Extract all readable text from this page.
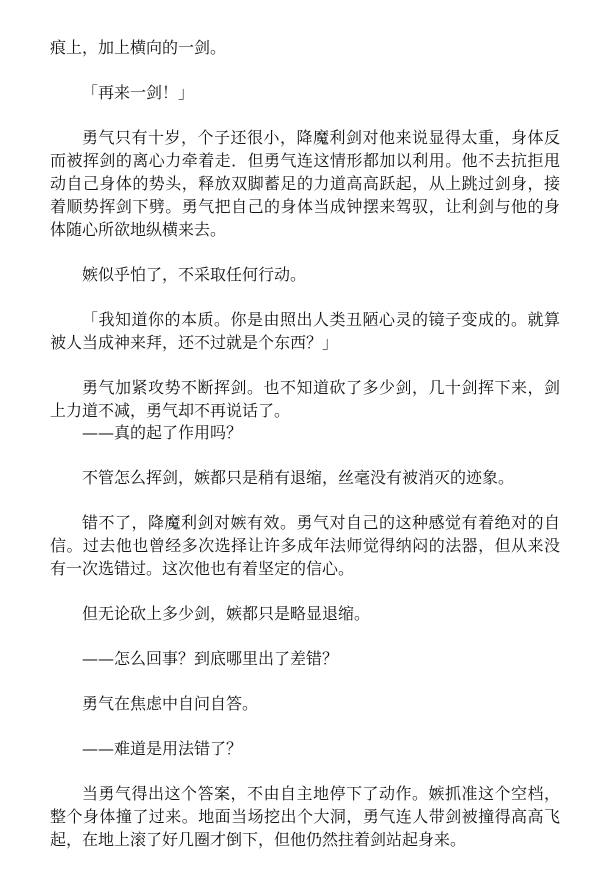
痕上，加上横向的一剑。

「再来一剑！」

勇气只有十岁，个子还很小，降魔利剑对他来说显得太重，身体反而被挥剑的离心力牵着走．但勇气连这情形都加以利用。他不去抗拒甩动自己身体的势头，释放双脚蓄足的力道高高跃起，从上跳过剑身，接着顺势挥剑下劈。勇气把自己的身体当成钟摆来驾驭，让利剑与他的身体随心所欲地纵横来去。

嫉似乎怕了，不采取任何行动。

「我知道你的本质。你是由照出人类丑陋心灵的镜子变成的。就算被人当成神来拜，还不过就是个东西？」

勇气加紧攻势不断挥剑。也不知道砍了多少剑，几十剑挥下来，剑上力道不减，勇气却不再说话了。

——真的起了作用吗？

不管怎么挥剑，嫉都只是稍有退缩，丝毫没有被消灭的迹象。

错不了，降魔利剑对嫉有效。勇气对自己的这种感觉有着绝对的自信。过去他也曾经多次选择让许多成年法师觉得纳闷的法器，但从来没有一次选错过。这次他也有着坚定的信心。

但无论砍上多少剑，嫉都只是略显退缩。

——怎么回事？到底哪里出了差错？

勇气在焦虑中自问自答。

——难道是用法错了？

当勇气得出这个答案，不由自主地停下了动作。嫉抓准这个空档，整个身体撞了过来。地面当场挖出个大洞，勇气连人带剑被撞得高高飞起，在地上滚了好几圈才倒下，但他仍然拄着剑站起身来。
